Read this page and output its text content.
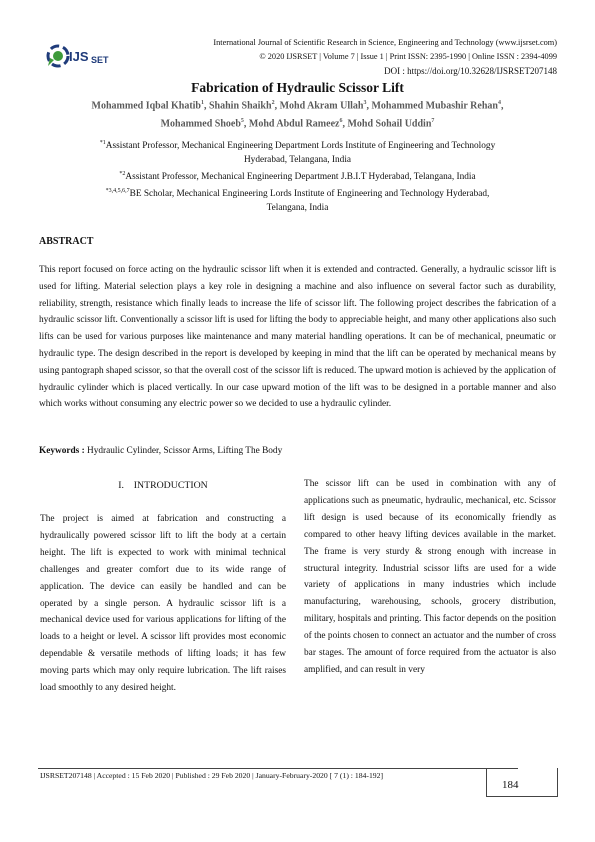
IJS SET
International Journal of Scientific Research in Science, Engineering and Technology (www.ijsrset.com)
© 2020 IJSRSET | Volume 7 | Issue 1 | Print ISSN: 2395-1990 | Online ISSN : 2394-4099
DOI : https://doi.org/10.32628/IJSRSET207148
Fabrication of Hydraulic Scissor Lift
Mohammed Iqbal Khatib$^1$, Shahin Shaikh$^2$, Mohd Akram Ullah$^3$, Mohammed Mubashir Rehan$^4$,
Mohammed Shoeb$^5$, Mohd Abdul Rameez$^6$, Mohd Sohail Uddin$^7$
$^{*1}$Assistant Professor, Mechanical Engineering Department Lords Institute of Engineering and Technology
Hyderabad, Telangana, India
$^{*2}$Assistant Professor, Mechanical Engineering Department J.B.I.T Hyderabad, Telangana, India
$^{*3,4,5,6,7}$BE Scholar, Mechanical Engineering Lords Institute of Engineering and Technology Hyderabad,
Telangana, India
ABSTRACT
This report focused on force acting on the hydraulic scissor lift when it is extended and contracted. Generally, a hydraulic scissor lift is used for lifting. Material selection plays a key role in designing a machine and also influence on several factor such as durability, reliability, strength, resistance which finally leads to increase the life of scissor lift. The following project describes the fabrication of a hydraulic scissor lift. Conventionally a scissor lift is used for lifting the body to appreciable height, and many other applications also such lifts can be used for various purposes like maintenance and many material handling operations. It can be of mechanical, pneumatic or hydraulic type. The design described in the report is developed by keeping in mind that the lift can be operated by mechanical means by using pantograph shaped scissor, so that the overall cost of the scissor lift is reduced. The upward motion is achieved by the application of hydraulic cylinder which is placed vertically. In our case upward motion of the lift was to be designed in a portable manner and also which works without consuming any electric power so we decided to use a hydraulic cylinder.
Keywords : Hydraulic Cylinder, Scissor Arms, Lifting The Body
I.    INTRODUCTION
The project is aimed at fabrication and constructing a hydraulically powered scissor lift to lift the body at a certain height. The lift is expected to work with minimal technical challenges and greater comfort due to its wide range of application. The device can easily be handled and can be operated by a single person. A hydraulic scissor lift is a mechanical device used for various applications for lifting of the loads to a height or level. A scissor lift provides most economic dependable & versatile methods of lifting loads; it has few moving parts which may only require lubrication. The lift raises load smoothly to any desired height.
The scissor lift can be used in combination with any of applications such as pneumatic, hydraulic, mechanical, etc. Scissor lift design is used because of its economically friendly as compared to other heavy lifting devices available in the market. The frame is very sturdy & strong enough with increase in structural integrity. Industrial scissor lifts are used for a wide variety of applications in many industries which include manufacturing, warehousing, schools, grocery distribution, military, hospitals and printing. This factor depends on the position of the points chosen to connect an actuator and the number of cross bar stages. The amount of force required from the actuator is also amplified, and can result in very
IJSRSET207148 | Accepted : 15 Feb 2020 | Published : 29 Feb 2020 | January-February-2020 [ 7 (1) : 184-192]
184
